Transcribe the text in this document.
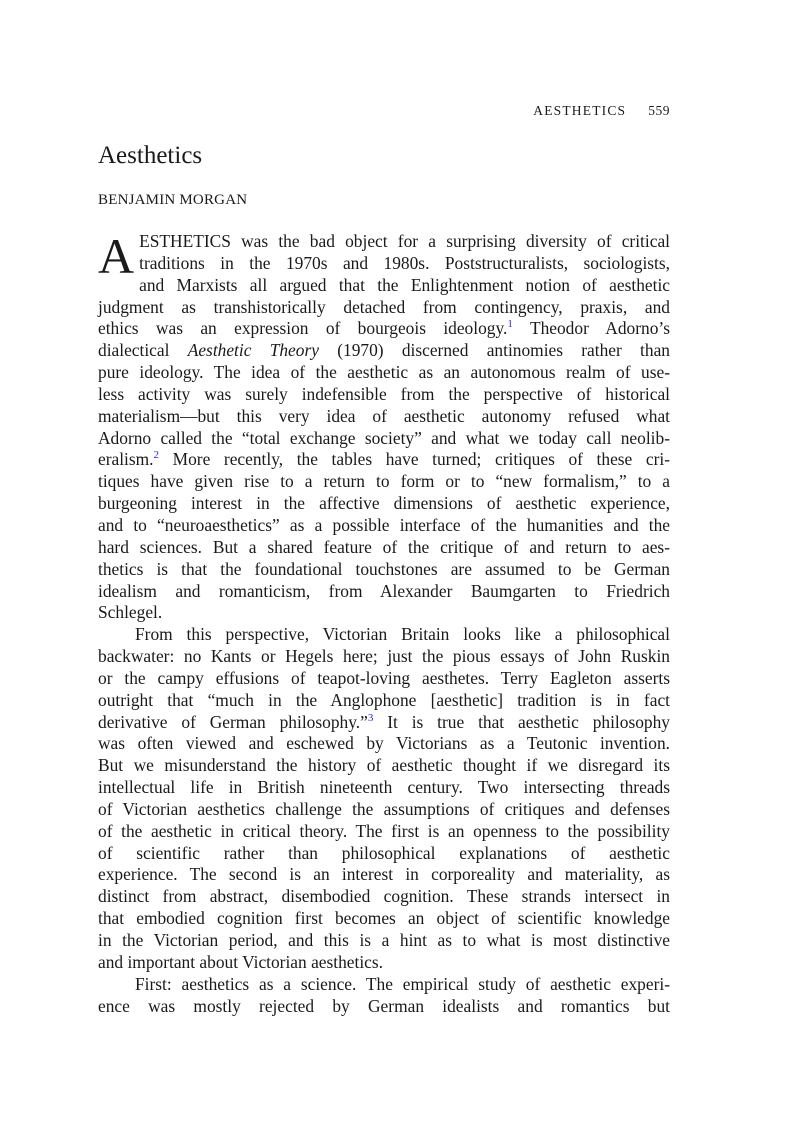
AESTHETICS 559
Aesthetics
BENJAMIN MORGAN
A ESTHETICS was the bad object for a surprising diversity of critical
traditions in the 1970s and 1980s. Poststructuralists, sociologists,
and Marxists all argued that the Enlightenment notion of aesthetic
judgment as transhistorically detached from contingency, praxis, and
ethics was an expression of bourgeois ideology.$^1$ Theodor Adorno’s
dialectical Aesthetic Theory (1970) discerned antinomies rather than
pure ideology. The idea of the aesthetic as an autonomous realm of use-
less activity was surely indefensible from the perspective of historical
materialism—but this very idea of aesthetic autonomy refused what
Adorno called the “total exchange society” and what we today call neolib-
eralism.$^2$ More recently, the tables have turned; critiques of these cri-
tiques have given rise to a return to form or to “new formalism,” to a
burgeoning interest in the affective dimensions of aesthetic experience,
and to “neuroaesthetics” as a possible interface of the humanities and the
hard sciences. But a shared feature of the critique of and return to aes-
thetics is that the foundational touchstones are assumed to be German
idealism and romanticism, from Alexander Baumgarten to Friedrich
Schlegel.
From this perspective, Victorian Britain looks like a philosophical
backwater: no Kants or Hegels here; just the pious essays of John Ruskin
or the campy effusions of teapot-loving aesthetes. Terry Eagleton asserts
outright that “much in the Anglophone [aesthetic] tradition is in fact
derivative of German philosophy.”$^3$ It is true that aesthetic philosophy
was often viewed and eschewed by Victorians as a Teutonic invention.
But we misunderstand the history of aesthetic thought if we disregard its
intellectual life in British nineteenth century. Two intersecting threads
of Victorian aesthetics challenge the assumptions of critiques and defenses
of the aesthetic in critical theory. The first is an openness to the possibility
of scientific rather than philosophical explanations of aesthetic
experience. The second is an interest in corporeality and materiality, as
distinct from abstract, disembodied cognition. These strands intersect in
that embodied cognition first becomes an object of scientific knowledge
in the Victorian period, and this is a hint as to what is most distinctive
and important about Victorian aesthetics.
First: aesthetics as a science. The empirical study of aesthetic experi-
ence was mostly rejected by German idealists and romantics but
